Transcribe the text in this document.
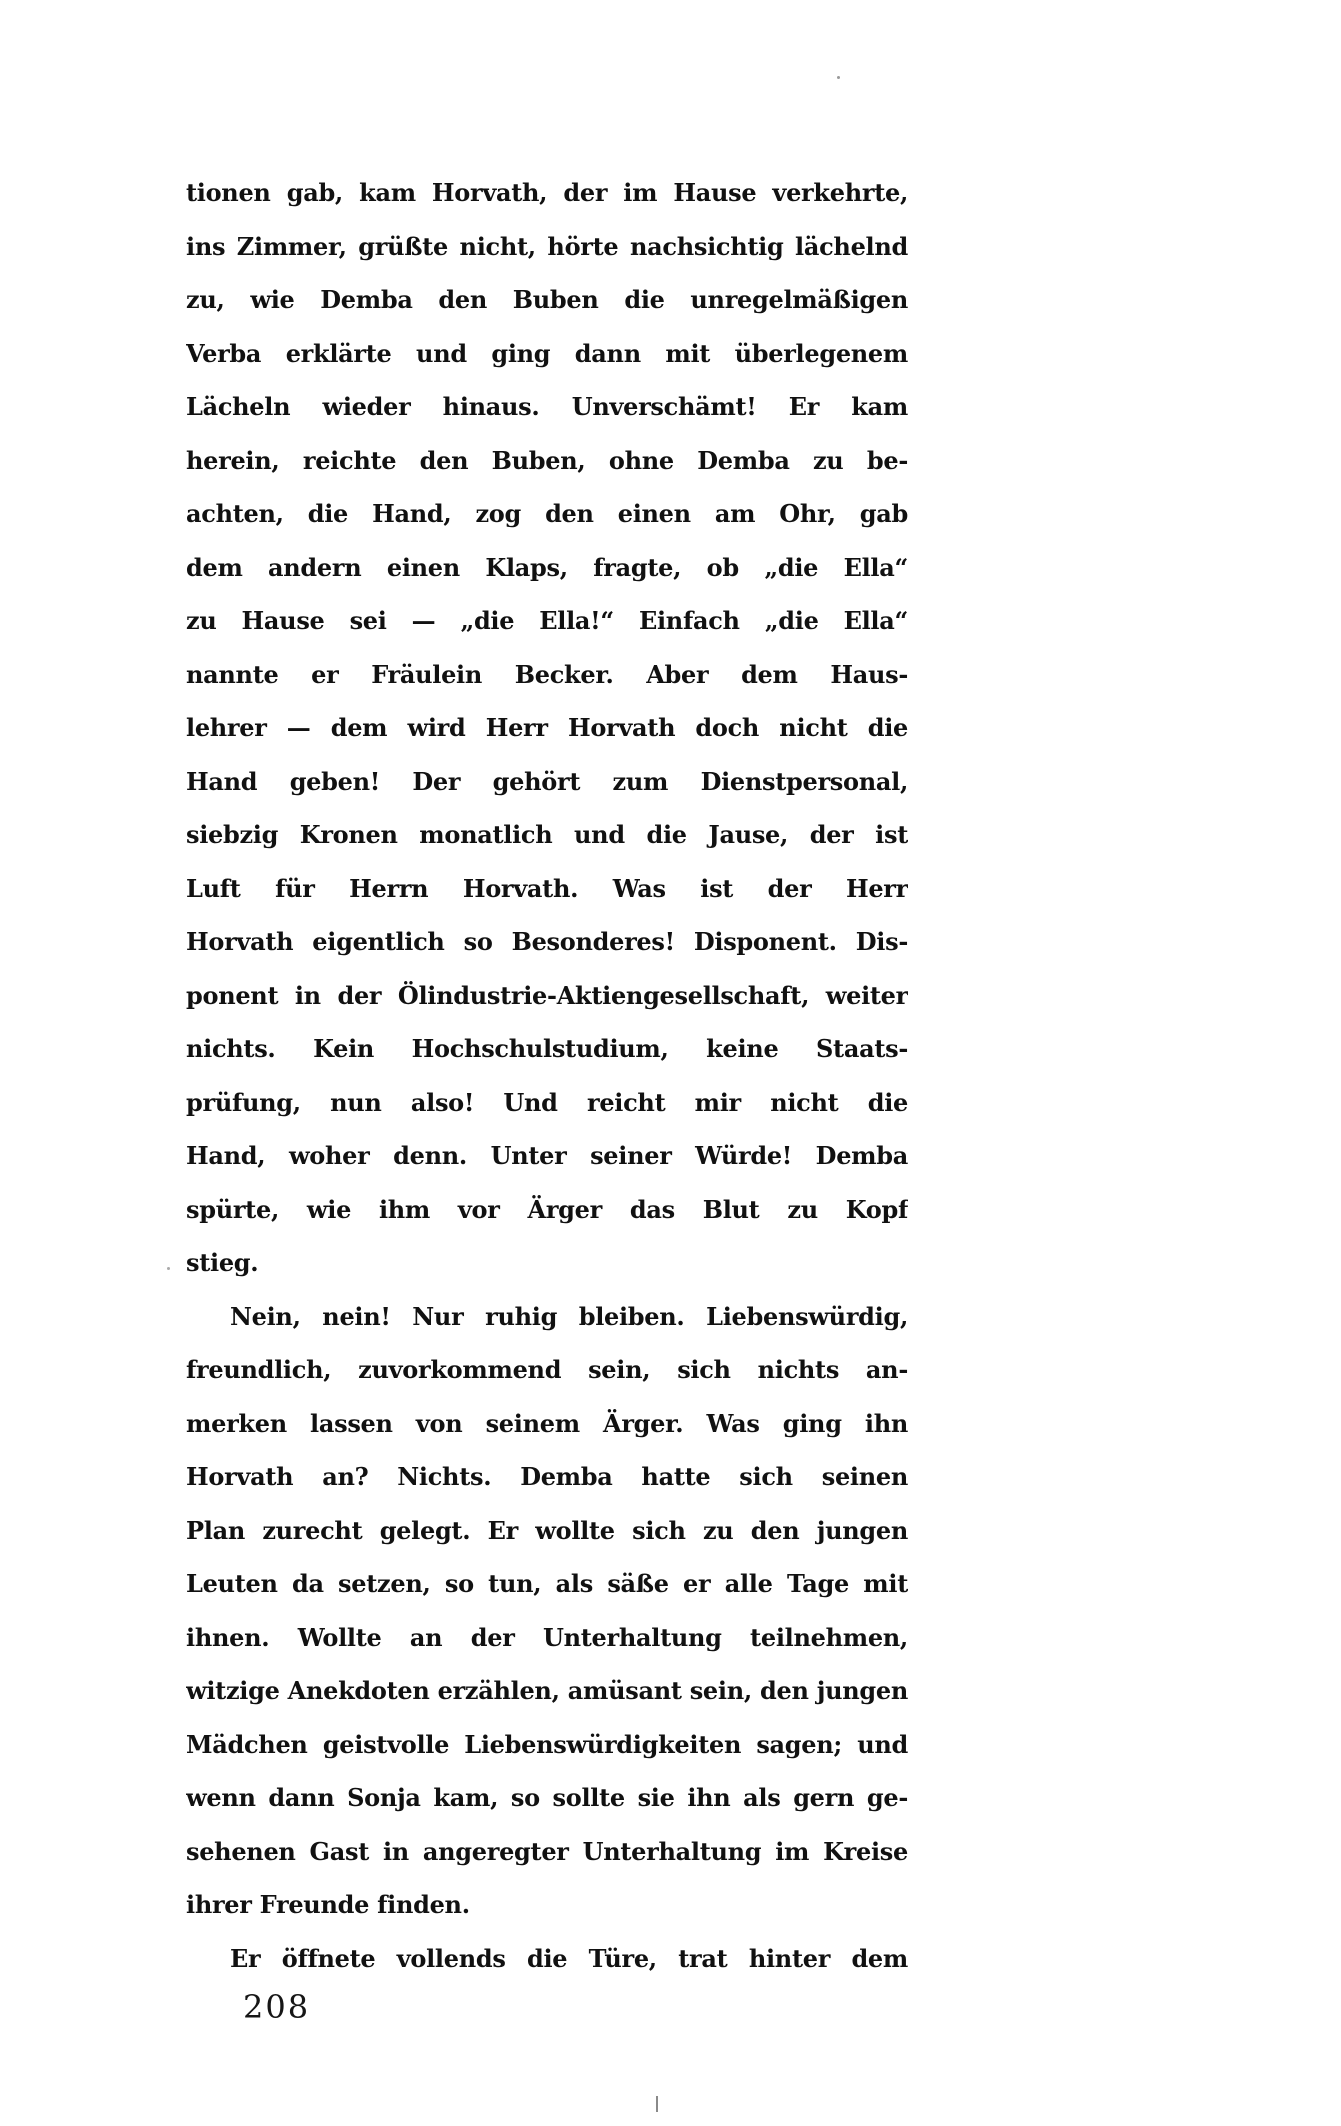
tionen gab, kam Horvath, der im Hause verkehrte,
ins Zimmer, grüßte nicht, hörte nachsichtig lächelnd
zu, wie Demba den Buben die unregelmäßigen
Verba erklärte und ging dann mit überlegenem
Lächeln wieder hinaus. Unverschämt! Er kam
herein, reichte den Buben, ohne Demba zu be-
achten, die Hand, zog den einen am Ohr, gab
dem andern einen Klaps, fragte, ob „die Ella“
zu Hause sei — „die Ella!“ Einfach „die Ella“
nannte er Fräulein Becker. Aber dem Haus-
lehrer — dem wird Herr Horvath doch nicht die
Hand geben! Der gehört zum Dienstpersonal,
siebzig Kronen monatlich und die Jause, der ist
Luft für Herrn Horvath. Was ist der Herr
Horvath eigentlich so Besonderes! Disponent. Dis-
ponent in der Ölindustrie-Aktiengesellschaft, weiter
nichts. Kein Hochschulstudium, keine Staats-
prüfung, nun also! Und reicht mir nicht die
Hand, woher denn. Unter seiner Würde! Demba
spürte, wie ihm vor Ärger das Blut zu Kopf
stieg.
Nein, nein! Nur ruhig bleiben. Liebenswürdig,
freundlich, zuvorkommend sein, sich nichts an-
merken lassen von seinem Ärger. Was ging ihn
Horvath an? Nichts. Demba hatte sich seinen
Plan zurecht gelegt. Er wollte sich zu den jungen
Leuten da setzen, so tun, als säße er alle Tage mit
ihnen. Wollte an der Unterhaltung teilnehmen,
witzige Anekdoten erzählen, amüsant sein, den jungen
Mädchen geistvolle Liebenswürdigkeiten sagen; und
wenn dann Sonja kam, so sollte sie ihn als gern ge-
sehenen Gast in angeregter Unterhaltung im Kreise
ihrer Freunde finden.
Er öffnete vollends die Türe, trat hinter dem
208
